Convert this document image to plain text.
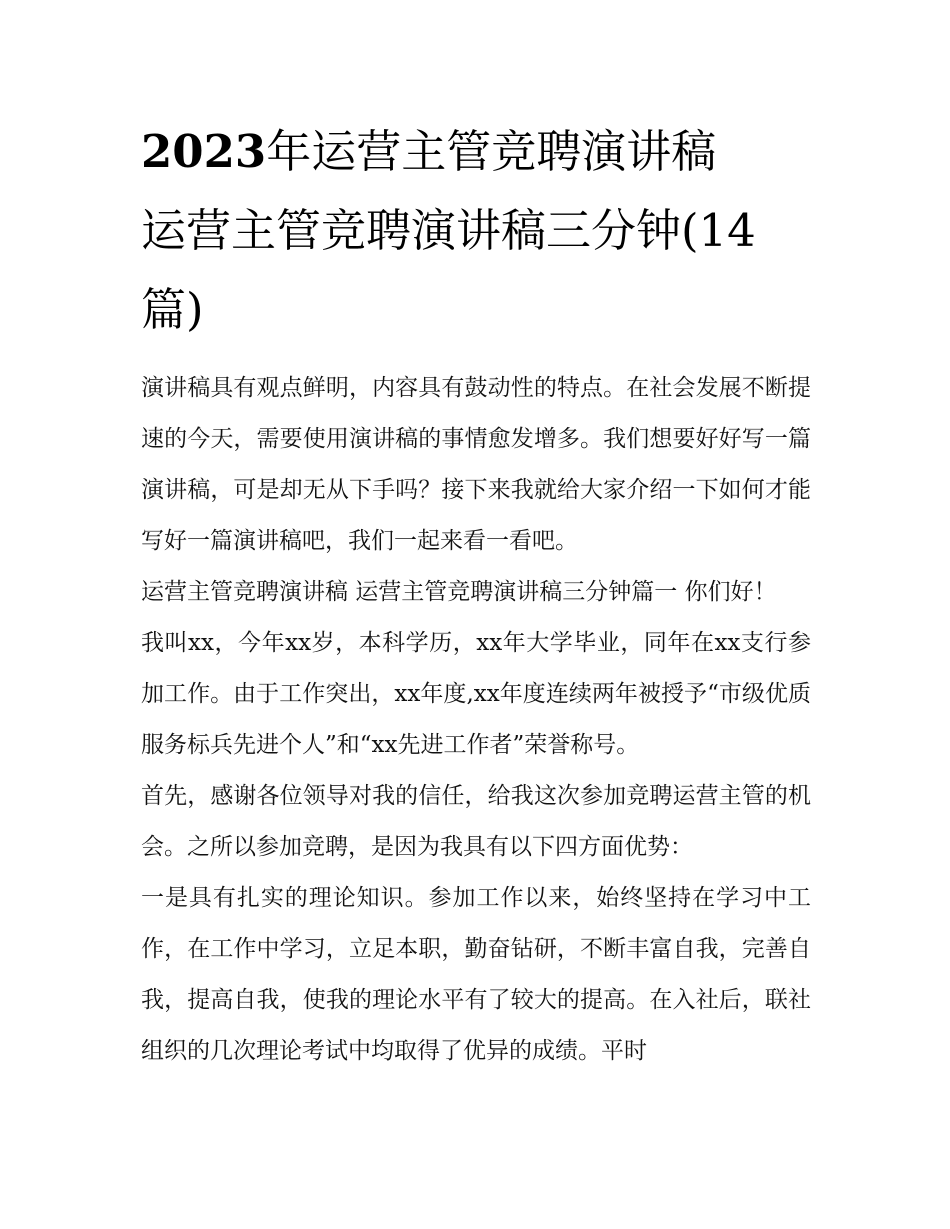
2023年运营主管竞聘演讲稿
运营主管竞聘演讲稿三分钟(14
篇)

演讲稿具有观点鲜明，内容具有鼓动性的特点。在社会发展不断提速的今天，需要使用演讲稿的事情愈发增多。我们想要好好写一篇演讲稿，可是却无从下手吗？接下来我就给大家介绍一下如何才能写好一篇演讲稿吧，我们一起来看一看吧。

运营主管竞聘演讲稿 运营主管竞聘演讲稿三分钟篇一 你们好！

我叫xx，今年xx岁，本科学历，xx年大学毕业，同年在xx支行参加工作。由于工作突出，xx年度,xx年度连续两年被授予“市级优质服务标兵先进个人”和“xx先进工作者”荣誉称号。

首先，感谢各位领导对我的信任，给我这次参加竞聘运营主管的机会。之所以参加竞聘，是因为我具有以下四方面优势：

一是具有扎实的理论知识。参加工作以来，始终坚持在学习中工作，在工作中学习，立足本职，勤奋钻研，不断丰富自我，完善自我，提高自我，使我的理论水平有了较大的提高。在入社后，联社组织的几次理论考试中均取得了优异的成绩。平时
